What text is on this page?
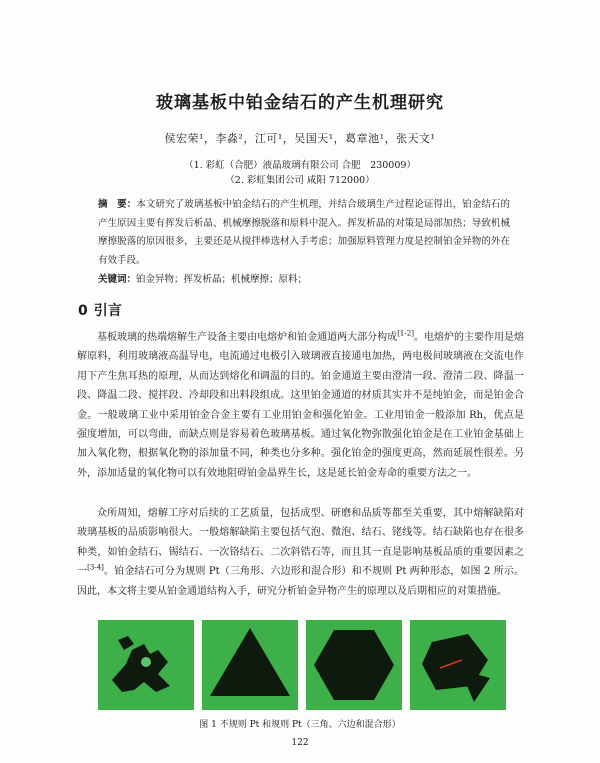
玻璃基板中铂金结石的产生机理研究
侯宏荣¹，李淼²，江可¹，吴国天¹，葛章池¹，张天文¹
（1. 彩虹（合肥）液晶玻璃有限公司 合肥　230009）
（2. 彩虹集团公司 咸阳 712000）
摘　要：本文研究了玻璃基板中铂金结石的产生机理，并结合玻璃生产过程论证得出，铂金结石的产生原因主要有挥发后析晶、机械摩擦脱落和原料中混入。挥发析晶的对策是局部加热；导致机械摩擦脱落的原因很多，主要还是从搅拌棒选材入手考虑；加强原料管理力度是控制铂金异物的外在有效手段。
关键词：铂金异物；挥发析晶；机械摩擦；原料；
0 引言
基板玻璃的热端熔解生产设备主要由电熔炉和铂金通道两大部分构成[1-2]。电熔炉的主要作用是熔解原料，利用玻璃液高温导电，电流通过电极引入玻璃液直接通电加热，两电极间玻璃液在交流电作用下产生焦耳热的原理，从而达到熔化和调温的目的。铂金通道主要由澄清一段、澄清二段、降温一段、降温二段、搅拌段、冷却段和出料段组成。这里铂金通道的材质其实并不是纯铂金，而是铂金合金。一般玻璃工业中采用铂金合金主要有工业用铂金和强化铂金。工业用铂金一般添加 Rh，优点是强度增加，可以弯曲，而缺点则是容易着色玻璃基板。通过氧化物弥散强化铂金是在工业铂金基础上加入氧化物，根据氧化物的添加量不同，种类也分多种。强化铂金的强度更高，然而延展性很差。另外，添加适量的氧化物可以有效地阻碍铂金晶界生长，这是延长铂金寿命的重要方法之一。
众所周知，熔解工序对后续的工艺质量，包括成型、研磨和品质等都至关重要，其中熔解缺陷对玻璃基板的品质影响很大。一般熔解缺陷主要包括气泡、微泡、结石、铑线等。结石缺陷也存在很多种类，如铂金结石、锡结石、一次铬结石、二次斜锆石等，而且其一直是影响基板品质的重要因素之一[3-4]。铂金结石可分为规则 Pt（三角形、六边形和混合形）和不规则 Pt 两种形态，如图 2 所示。因此，本文将主要从铂金通道结构入手，研究分析铂金异物产生的原理以及后期相应的对策措施。
图 1 不规则 Pt 和规则 Pt（三角、六边和混合形）
122
